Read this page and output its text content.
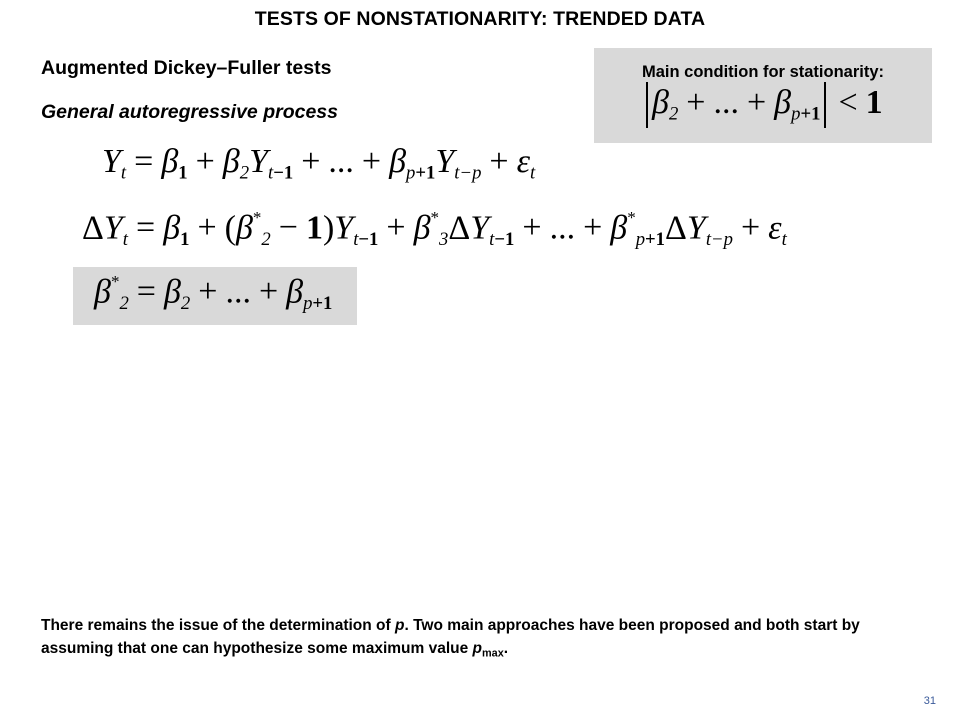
TESTS OF NONSTATIONARITY: TRENDED DATA
Augmented Dickey–Fuller tests
General autoregressive process
Main condition for stationarity:
$\beta_2$ + ... + $\beta_p+1 < 1$
$Y_t = \beta 1 + \beta_2Y_t-1$ + ... + $\beta_p+1Y_{t-p} + \varepsilon_t$
$\Delta Y_t = \beta 1 + (\beta^*_2 - 1)Y_t-1 + \beta^*_3\Delta Y_t-1$ + ... + $\beta^*_p+1\Delta Y_{t-p} + \varepsilon_t$
$\beta^*_2 = \beta_2$ + ... + $\beta_p+1$
There remains the issue of the determination of p. Two main approaches have been proposed and both start by assuming that one can hypothesize some maximum value $p_{max}$.
31
